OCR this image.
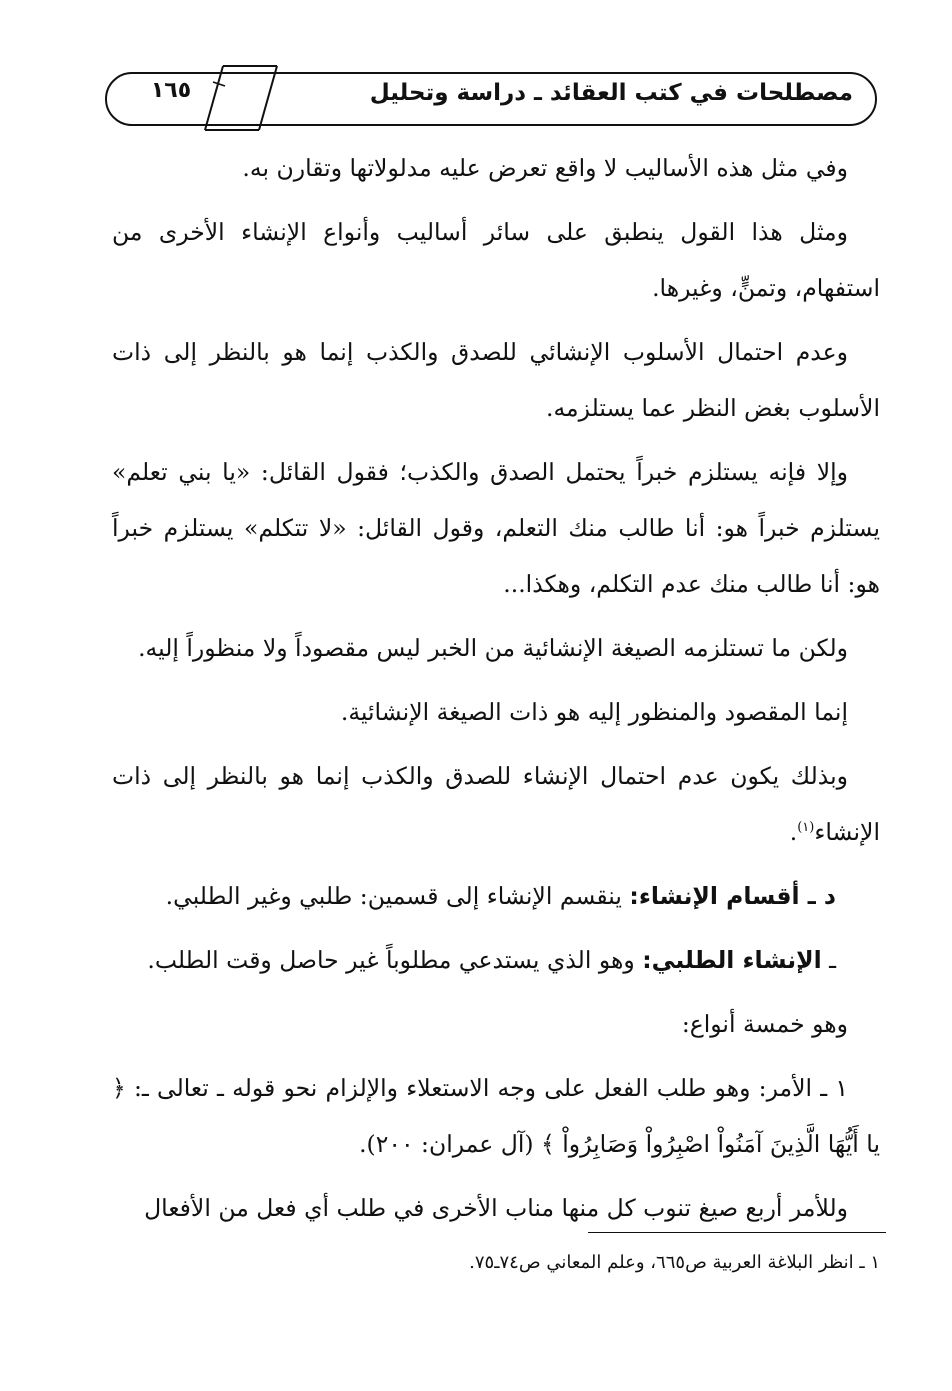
مصطلحات في كتب العقائد ـ دراسة وتحليل
١٦٥

وفي مثل هذه الأساليب لا واقع تعرض عليه مدلولاتها وتقارن به.

ومثل هذا القول ينطبق على سائر أساليب وأنواع الإنشاء الأخرى من استفهام، وتمنٍّ، وغيرها.

وعدم احتمال الأسلوب الإنشائي للصدق والكذب إنما هو بالنظر إلى ذات الأسلوب بغض النظر عما يستلزمه.

وإلا فإنه يستلزم خبراً يحتمل الصدق والكذب؛ فقول القائل: «يا بني تعلم» يستلزم خبراً هو: أنا طالب منك التعلم، وقول القائل: «لا تتكلم» يستلزم خبراً هو: أنا طالب منك عدم التكلم، وهكذا...

ولكن ما تستلزمه الصيغة الإنشائية من الخبر ليس مقصوداً ولا منظوراً إليه.

إنما المقصود والمنظور إليه هو ذات الصيغة الإنشائية.

وبذلك يكون عدم احتمال الإنشاء للصدق والكذب إنما هو بالنظر إلى ذات الإنشاء$^{(١)}$.

د ـ أقسام الإنشاء: ينقسم الإنشاء إلى قسمين: طلبي وغير الطلبي.

ـ الإنشاء الطلبي: وهو الذي يستدعي مطلوباً غير حاصل وقت الطلب.

وهو خمسة أنواع:

١ ـ الأمر: وهو طلب الفعل على وجه الاستعلاء والإلزام نحو قوله ـ تعالى ـ: ﴿ يا أَيُّهَا الَّذِينَ آمَنُواْ اصْبِرُواْ وَصَابِرُواْ ﴾ (آل عمران: ٢٠٠).

وللأمر أربع صيغ تنوب كل منها مناب الأخرى في طلب أي فعل من الأفعال

١ ـ انظر البلاغة العربية ص٦٦٥، وعلم المعاني ص٧٤ـ٧٥.
